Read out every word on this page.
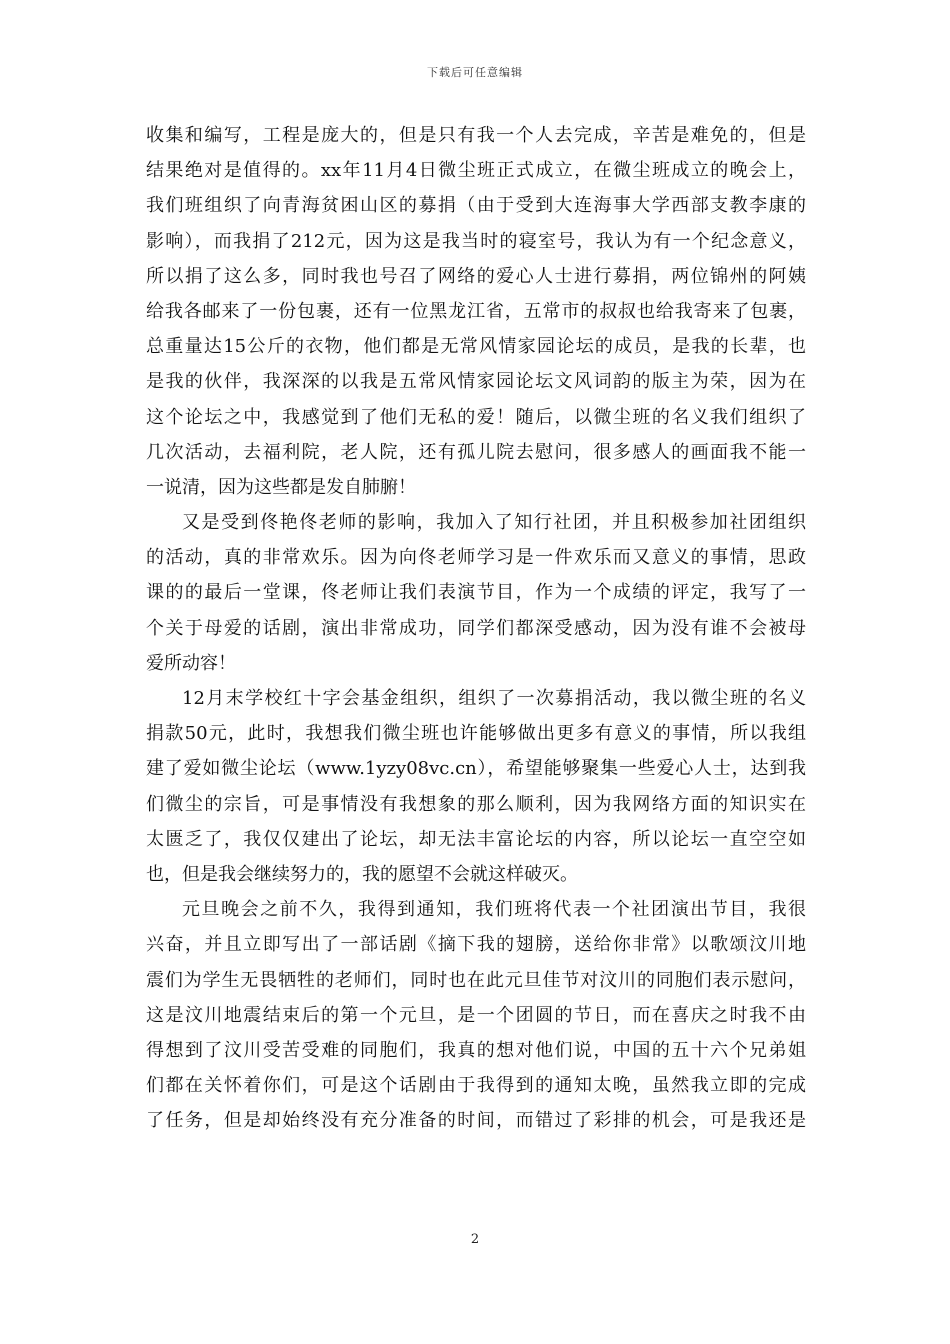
下载后可任意编辑

收集和编写，工程是庞大的，但是只有我一个人去完成，辛苦是难免的，但是
结果绝对是值得的。xx年11月4日微尘班正式成立，在微尘班成立的晚会上，
我们班组织了向青海贫困山区的募捐（由于受到大连海事大学西部支教李康的
影响），而我捐了212元，因为这是我当时的寝室号，我认为有一个纪念意义，
所以捐了这么多，同时我也号召了网络的爱心人士进行募捐，两位锦州的阿姨
给我各邮来了一份包裹，还有一位黑龙江省，五常市的叔叔也给我寄来了包裹，
总重量达15公斤的衣物，他们都是无常风情家园论坛的成员，是我的长辈，也
是我的伙伴，我深深的以我是五常风情家园论坛文风词韵的版主为荣，因为在
这个论坛之中，我感觉到了他们无私的爱！随后，以微尘班的名义我们组织了
几次活动，去福利院，老人院，还有孤儿院去慰问，很多感人的画面我不能一
一说清，因为这些都是发自肺腑！

又是受到佟艳佟老师的影响，我加入了知行社团，并且积极参加社团组织
的活动，真的非常欢乐。因为向佟老师学习是一件欢乐而又意义的事情，思政
课的的最后一堂课，佟老师让我们表演节目，作为一个成绩的评定，我写了一
个关于母爱的话剧，演出非常成功，同学们都深受感动，因为没有谁不会被母
爱所动容！

12月末学校红十字会基金组织，组织了一次募捐活动，我以微尘班的名义
捐款50元，此时，我想我们微尘班也许能够做出更多有意义的事情，所以我组
建了爱如微尘论坛（www.1yzy08vc.cn），希望能够聚集一些爱心人士，达到我
们微尘的宗旨，可是事情没有我想象的那么顺利，因为我网络方面的知识实在
太匮乏了，我仅仅建出了论坛，却无法丰富论坛的内容，所以论坛一直空空如
也，但是我会继续努力的，我的愿望不会就这样破灭。

元旦晚会之前不久，我得到通知，我们班将代表一个社团演出节目，我很
兴奋，并且立即写出了一部话剧《摘下我的翅膀，送给你非常》以歌颂汶川地
震们为学生无畏牺牲的老师们，同时也在此元旦佳节对汶川的同胞们表示慰问，
这是汶川地震结束后的第一个元旦，是一个团圆的节日，而在喜庆之时我不由
得想到了汶川受苦受难的同胞们，我真的想对他们说，中国的五十六个兄弟姐
们都在关怀着你们，可是这个话剧由于我得到的通知太晚，虽然我立即的完成
了任务，但是却始终没有充分准备的时间，而错过了彩排的机会，可是我还是

2
